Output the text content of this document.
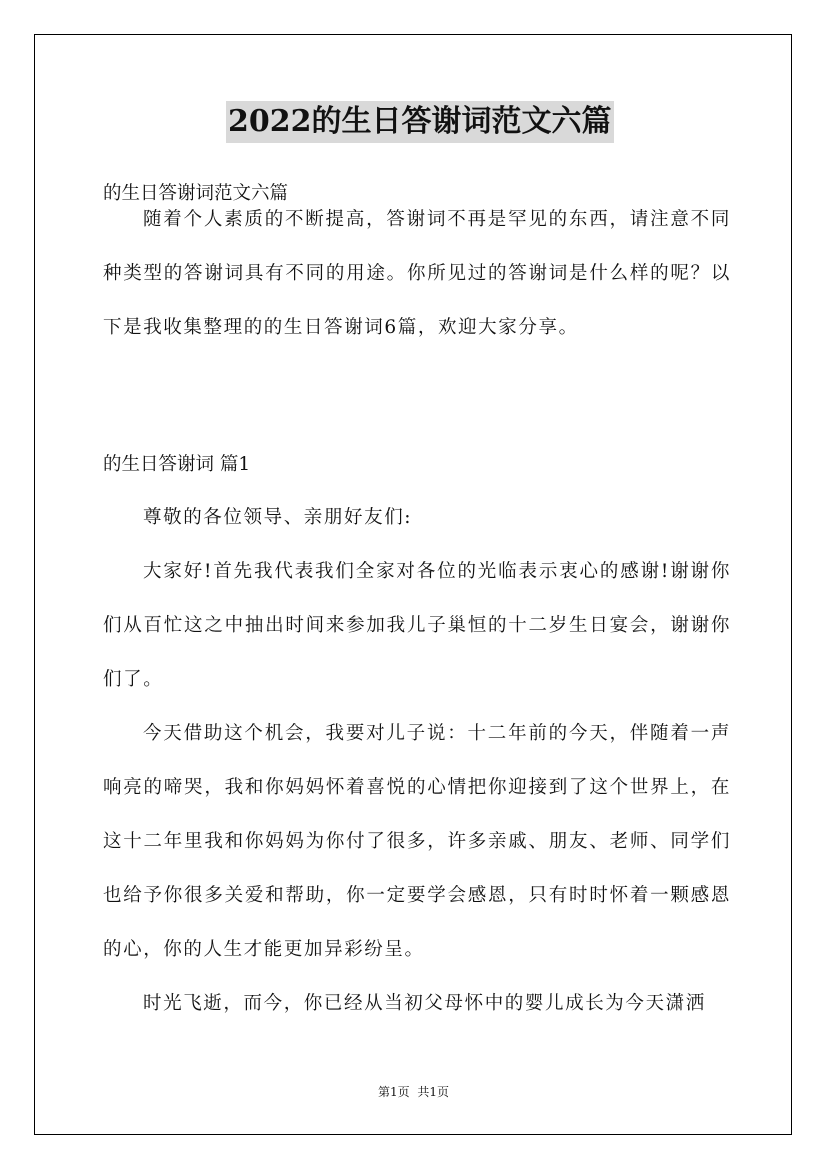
2022的生日答谢词范文六篇
的生日答谢词范文六篇
随着个人素质的不断提高，答谢词不再是罕见的东西，请注意不同种类型的答谢词具有不同的用途。你所见过的答谢词是什么样的呢？以下是我收集整理的的生日答谢词6篇，欢迎大家分享。
的生日答谢词 篇1
尊敬的各位领导、亲朋好友们:
大家好!首先我代表我们全家对各位的光临表示衷心的感谢!谢谢你们从百忙这之中抽出时间来参加我儿子巢恒的十二岁生日宴会，谢谢你们了。
今天借助这个机会，我要对儿子说：十二年前的今天，伴随着一声响亮的啼哭，我和你妈妈怀着喜悦的心情把你迎接到了这个世界上，在这十二年里我和你妈妈为你付了很多，许多亲戚、朋友、老师、同学们也给予你很多关爱和帮助，你一定要学会感恩，只有时时怀着一颗感恩的心，你的人生才能更加异彩纷呈。
时光飞逝，而今，你已经从当初父母怀中的婴儿成长为今天潇洒
第1页 共1页
